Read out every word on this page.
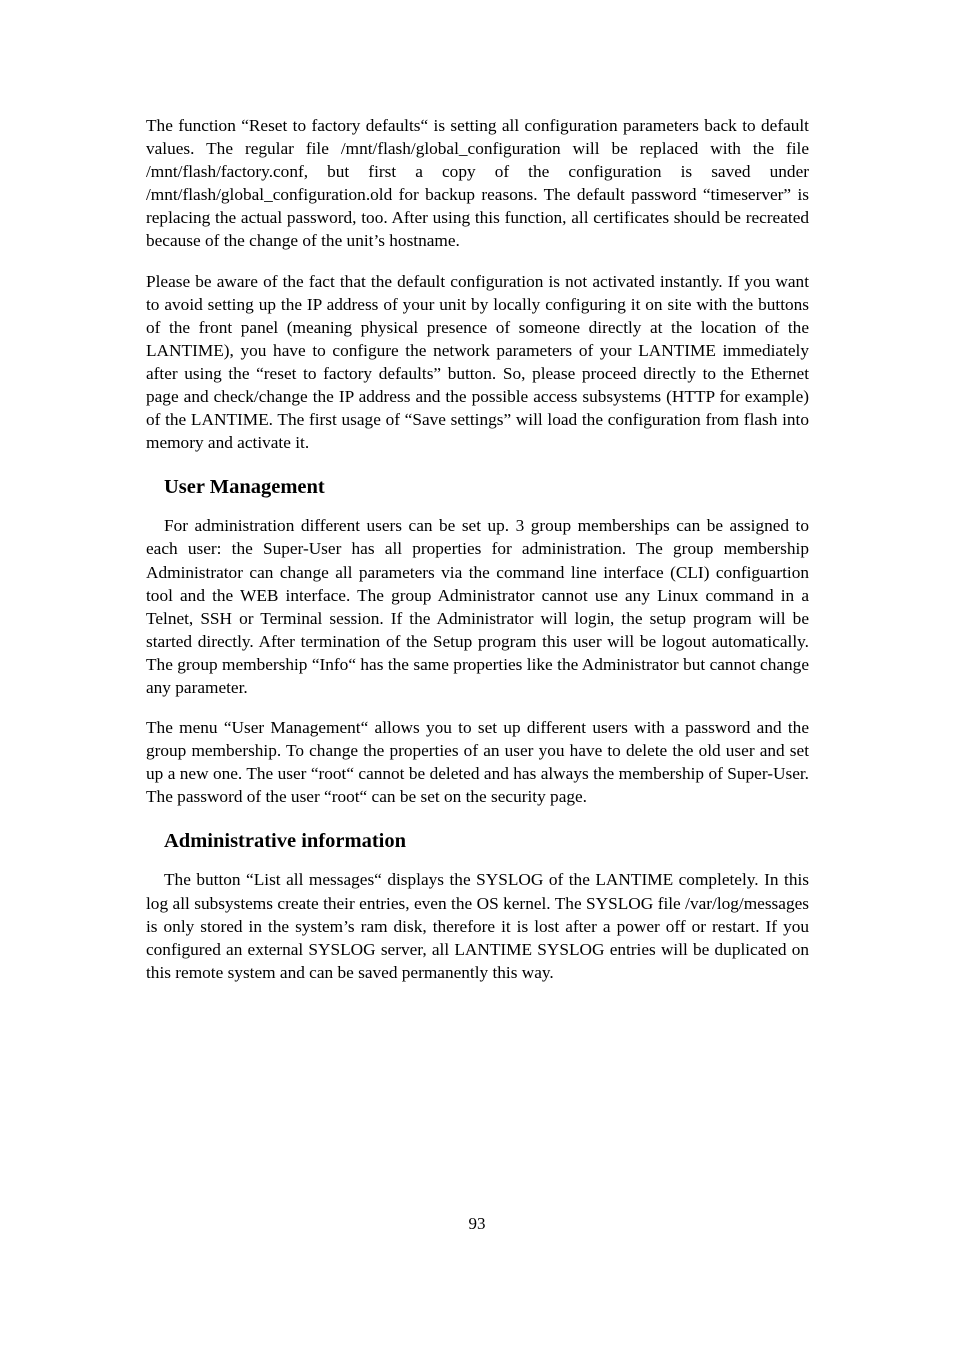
The function “Reset to factory defaults“ is setting all configuration parameters back to default values. The regular file /mnt/flash/global_configuration will be replaced with the file /mnt/flash/factory.conf, but first a copy of the configuration is saved under /mnt/flash/global_configuration.old for backup reasons. The default password “timeserver” is replacing the actual password, too. After using this function, all certificates should be recreated because of the change of the unit’s hostname.

Please be aware of the fact that the default configuration is not activated instantly. If you want to avoid setting up the IP address of your unit by locally configuring it on site with the buttons of the front panel (meaning physical presence of someone directly at the location of the LANTIME), you have to configure the network parameters of your LANTIME immediately after using the “reset to factory defaults” button. So, please proceed directly to the Ethernet page and check/change the IP address and the possible access subsystems (HTTP for example) of the LANTIME. The first usage of “Save settings” will load the configuration from flash into memory and activate it.

User Management

For administration different users can be set up. 3 group memberships can be assigned to each user: the Super-User has all properties for administration. The group membership Administrator can change all parameters via the command line interface (CLI) configuartion tool and the WEB interface. The group Administrator cannot use any Linux command in a Telnet, SSH or Terminal session. If the Administrator will login, the setup program will be started directly. After termination of the Setup program this user will be logout automatically. The group membership “Info“ has the same properties like the Administrator but cannot change any parameter.

The menu “User Management“ allows you to set up different users with a password and the group membership. To change the properties of an user you have to delete the old user and set up a new one. The user “root“ cannot be deleted and has always the membership of Super-User. The password of the user “root“ can be set on the security page.

Administrative information

The button “List all messages“ displays the SYSLOG of the LANTIME completely. In this log all subsystems create their entries, even the OS kernel. The SYSLOG file /var/log/messages is only stored in the system’s ram disk, therefore it is lost after a power off or restart. If you configured an external SYSLOG server, all LANTIME SYSLOG entries will be duplicated on this remote system and can be saved permanently this way.

93
